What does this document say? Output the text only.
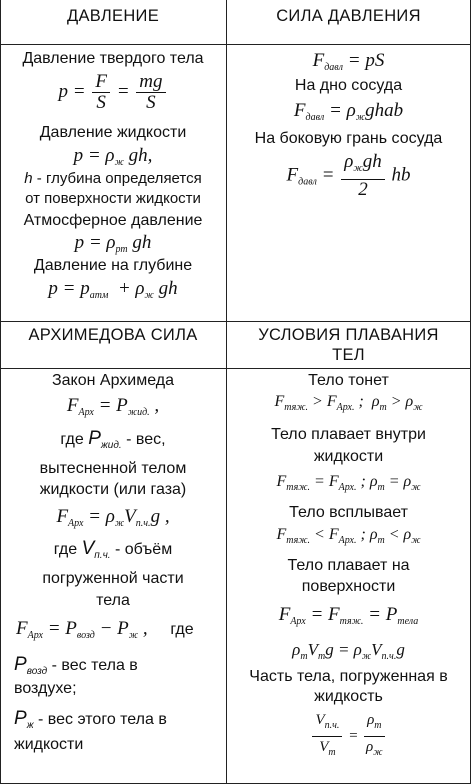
ДАВЛЕНИЕ	СИЛА ДАВЛЕНИЯ
АРХИМЕДОВА СИЛА	УСЛОВИЯ ПЛАВАНИЯ
ТЕЛ
Давление твердого тела
$p = \frac{F}{S} = \frac{mg}{S}$
Давление жидкости
$p = \rho_ж$ gh,
h - глубина определяется
от поверхности жидкости
Атмосферное давление
$p = \rho_{рт}$ gh
Давление на глубине
$p = p_{атм} + \rho_ж$ gh
$F_{давл}$ = pS
На дно сосуда
$F_{давл}$ = $\rho_жghab$
На боковую грань сосуда
$F_{давл} = \frac{\rho_жgh}{2}$ hb
Закон Архимеда
$F_{Арх} = P_{жид.}$ ,
где $P_{жид.}$ - вес,
вытесненной телом
жидкости (или газа)
$F_{Арх} = \rho_жV_{п.ч.}g$ ,
где $V_{п.ч.}$ - объём
погруженной части
тела
$F_{Арх} = P_{возд} - P_ж$ , где
$P_{возд}$ - вес тела в
воздухе;
$P_ж$ - вес этого тела в
жидкости
Тело тонет
$F_{тяж.} > F_{Арх.}$ ;  $\rho_т > \rho_ж$
Тело плавает внутри
жидкости
$F_{тяж.} = F_{Арх.}$ ; $\rho_т = \rho_ж$
Тело всплывает
$F_{тяж.} < F_{Арх.}$ ; $\rho_т < \rho_ж$
Тело плавает на
поверхности
$F_{Арх} = F_{тяж.} = P_{тела}$
$\rho_тV_тg = \rho_жV_{п.ч.}g$
Часть тела, погруженная в
жидкость
$\frac{V_{п.ч.}}{V_т} = \frac{\rho_т}{\rho_ж}$
